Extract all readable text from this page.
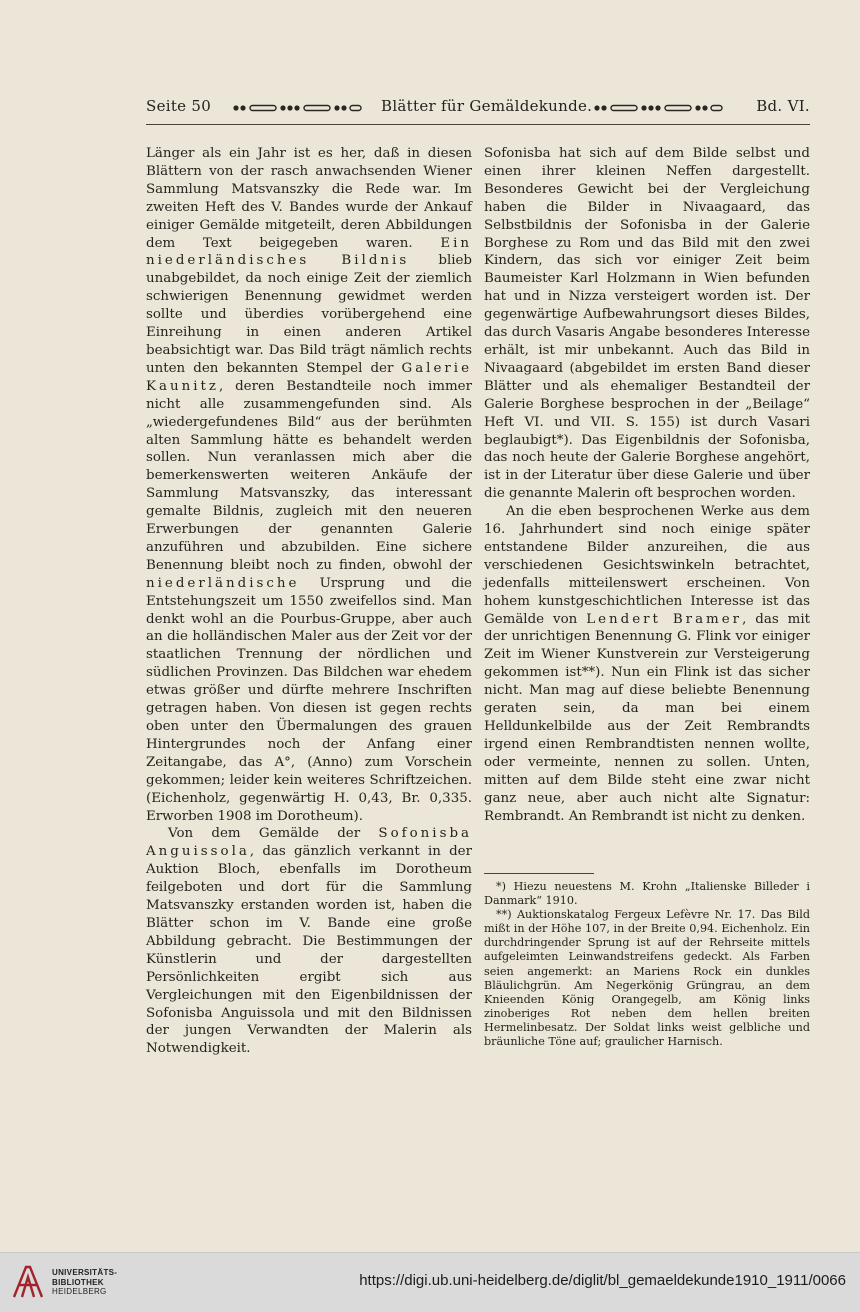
Seite 50	Blätter für Gemäldekunde.	Bd. VI.

Länger als ein Jahr ist es her, daß in diesen Blättern von der rasch anwachsenden Wiener Sammlung Matsvanszky die Rede war. Im zweiten Heft des V. Bandes wurde der Ankauf einiger Gemälde mitgeteilt, deren Abbildungen dem Text beigegeben waren. Ein niederländisches Bildnis blieb unabgebildet, da noch einige Zeit der ziemlich schwierigen Benennung gewidmet werden sollte und überdies vorübergehend eine Einreihung in einen anderen Artikel beabsichtigt war. Das Bild trägt nämlich rechts unten den bekannten Stempel der Galerie Kaunitz, deren Bestandteile noch immer nicht alle zusammengefunden sind. Als „wiedergefundenes Bild“ aus der berühmten alten Sammlung hätte es behandelt werden sollen. Nun veranlassen mich aber die bemerkenswerten weiteren Ankäufe der Sammlung Matsvanszky, das interessant gemalte Bildnis, zugleich mit den neueren Erwerbungen der genannten Galerie anzuführen und abzubilden. Eine sichere Benennung bleibt noch zu finden, obwohl der niederländische Ursprung und die Entstehungszeit um 1550 zweifellos sind. Man denkt wohl an die Pourbus-Gruppe, aber auch an die holländischen Maler aus der Zeit vor der staatlichen Trennung der nördlichen und südlichen Provinzen. Das Bildchen war ehedem etwas größer und dürfte mehrere Inschriften getragen haben. Von diesen ist gegen rechts oben unter den Übermalungen des grauen Hintergrundes noch der Anfang einer Zeitangabe, das A°, (Anno) zum Vorschein gekommen; leider kein weiteres Schriftzeichen. (Eichenholz, gegenwärtig H. 0,43, Br. 0,335. Erworben 1908 im Dorotheum).

Von dem Gemälde der Sofonisba Anguissola, das gänzlich verkannt in der Auktion Bloch, ebenfalls im Dorotheum feilgeboten und dort für die Sammlung Matsvanszky erstanden worden ist, haben die Blätter schon im V. Bande eine große Abbildung gebracht. Die Bestimmungen der Künstlerin und der dargestellten Persönlichkeiten ergibt sich aus Vergleichungen mit den Eigenbildnissen der Sofonisba Anguissola und mit den Bildnissen der jungen Verwandten der Malerin als Notwendigkeit.

Sofonisba hat sich auf dem Bilde selbst und einen ihrer kleinen Neffen dargestellt. Besonderes Gewicht bei der Vergleichung haben die Bilder in Nivaagaard, das Selbstbildnis der Sofonisba in der Galerie Borghese zu Rom und das Bild mit den zwei Kindern, das sich vor einiger Zeit beim Baumeister Karl Holzmann in Wien befunden hat und in Nizza versteigert worden ist. Der gegenwärtige Aufbewahrungsort dieses Bildes, das durch Vasaris Angabe besonderes Interesse erhält, ist mir unbekannt. Auch das Bild in Nivaagaard (abgebildet im ersten Band dieser Blätter und als ehemaliger Bestandteil der Galerie Borghese besprochen in der „Beilage“ Heft VI. und VII. S. 155) ist durch Vasari beglaubigt*). Das Eigenbildnis der Sofonisba, das noch heute der Galerie Borghese angehört, ist in der Literatur über diese Galerie und über die genannte Malerin oft besprochen worden.

An die eben besprochenen Werke aus dem 16. Jahrhundert sind noch einige später entstandene Bilder anzureihen, die aus verschiedenen Gesichtswinkeln betrachtet, jedenfalls mitteilenswert erscheinen. Von hohem kunstgeschichtlichen Interesse ist das Gemälde von Lendert Bramer, das mit der unrichtigen Benennung G. Flink vor einiger Zeit im Wiener Kunstverein zur Versteigerung gekommen ist**). Nun ein Flink ist das sicher nicht. Man mag auf diese beliebte Benennung geraten sein, da man bei einem Helldunkelbilde aus der Zeit Rembrandts irgend einen Rembrandtisten nennen wollte, oder vermeinte, nennen zu sollen. Unten, mitten auf dem Bilde steht eine zwar nicht ganz neue, aber auch nicht alte Signatur: Rembrandt. An Rembrandt ist nicht zu denken.

*) Hiezu neuestens M. Krohn „Italienske Billeder i Danmark“ 1910.

**) Auktionskatalog Fergeux Lefèvre Nr. 17. Das Bild mißt in der Höhe 107, in der Breite 0,94. Eichenholz. Ein durchdringender Sprung ist auf der Rehrseite mittels aufgeleimten Leinwandstreifens gedeckt. Als Farben seien angemerkt: an Mariens Rock ein dunkles Bläulichgrün. Am Negerkönig Grüngrau, an dem Knieenden König Orangegelb, am König links zinoberiges Rot neben dem hellen breiten Hermelinbesatz. Der Soldat links weist gelbliche und bräunliche Töne auf; graulicher Harnisch.

UNIVERSITÄTS-
BIBLIOTHEK
HEIDELBERG
https://digi.ub.uni-heidelberg.de/diglit/bl_gemaeldekunde1910_1911/0066
